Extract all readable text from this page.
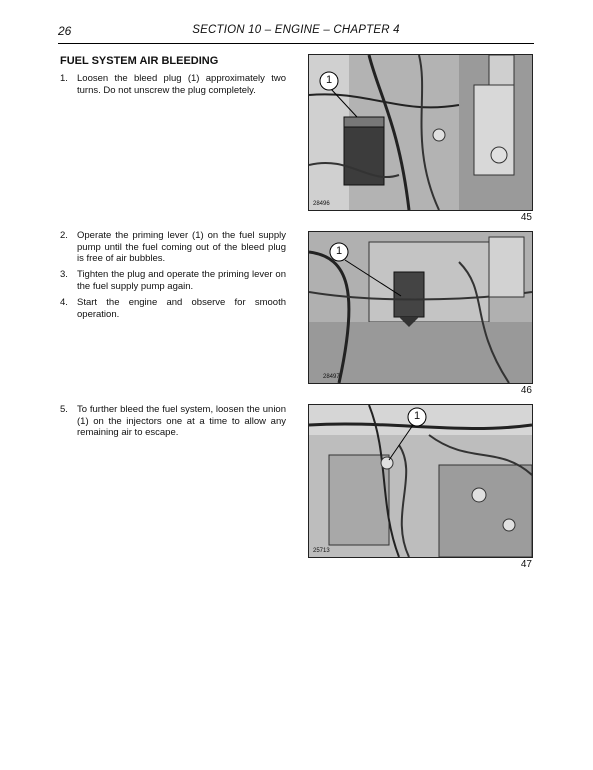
26	SECTION 10 – ENGINE – CHAPTER 4
FUEL SYSTEM AIR BLEEDING
1. Loosen the bleed plug (1) approximately two turns. Do not unscrew the plug completely.
2. Operate the priming lever (1) on the fuel supply pump until the fuel coming out of the bleed plug is free of air bubbles.
3. Tighten the plug and operate the priming lever on the fuel supply pump again.
4. Start the engine and observe for smooth operation.
5. To further bleed the fuel system, loosen the union (1) on the injectors one at a time to allow any remaining air to escape.
1
28496
45
1
28497
46
1
25713
47
